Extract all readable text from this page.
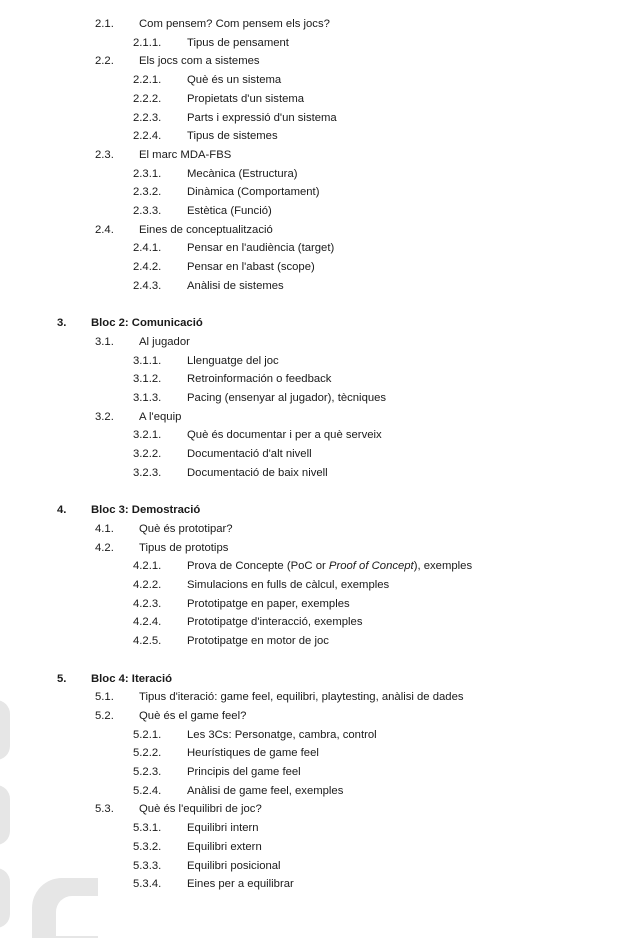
2.1. Com pensem? Com pensem els jocs?
2.1.1. Tipus de pensament
2.2. Els jocs com a sistemes
2.2.1. Què és un sistema
2.2.2. Propietats d'un sistema
2.2.3. Parts i expressió d'un sistema
2.2.4. Tipus de sistemes
2.3. El marc MDA-FBS
2.3.1. Mecànica (Estructura)
2.3.2. Dinàmica (Comportament)
2.3.3. Estètica (Funció)
2.4. Eines de conceptualització
2.4.1. Pensar en l'audiència (target)
2.4.2. Pensar en l'abast (scope)
2.4.3. Anàlisi de sistemes
3. Bloc 2: Comunicació
3.1. Al jugador
3.1.1. Llenguatge del joc
3.1.2. Retroinformación o feedback
3.1.3. Pacing (ensenyar al jugador), tècniques
3.2. A l'equip
3.2.1. Què és documentar i per a què serveix
3.2.2. Documentació d'alt nivell
3.2.3. Documentació de baix nivell
4. Bloc 3: Demostració
4.1. Què és prototipar?
4.2. Tipus de prototips
4.2.1. Prova de Concepte (PoC or Proof of Concept), exemples
4.2.2. Simulacions en fulls de càlcul, exemples
4.2.3. Prototipatge en paper, exemples
4.2.4. Prototipatge d'interacció, exemples
4.2.5. Prototipatge en motor de joc
5. Bloc 4: Iteració
5.1. Tipus d'iteració: game feel, equilibri, playtesting, anàlisi de dades
5.2. Què és el game feel?
5.2.1. Les 3Cs: Personatge, cambra, control
5.2.2. Heurístiques de game feel
5.2.3. Principis del game feel
5.2.4. Anàlisi de game feel, exemples
5.3. Què és l'equilibri de joc?
5.3.1. Equilibri intern
5.3.2. Equilibri extern
5.3.3. Equilibri posicional
5.3.4. Eines per a equilibrar
